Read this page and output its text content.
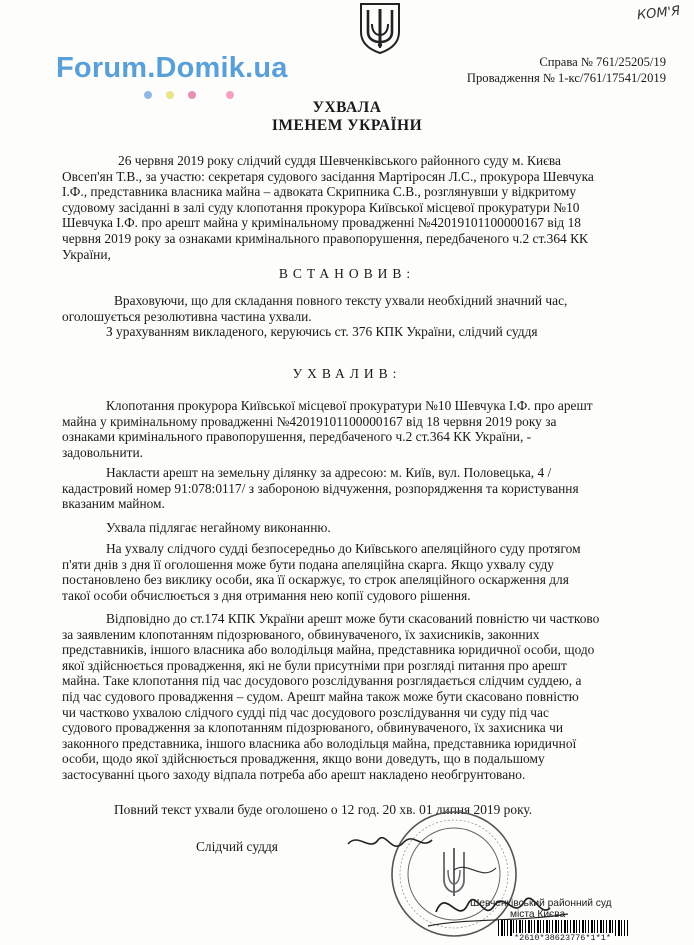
КОМ'Я
Forum.Domik.ua	Справа № 761/25205/19
Провадження № 1-кс/761/17541/2019
УХВАЛА
ІМЕНЕМ УКРАЇНИ

26 червня 2019 року слідчий суддя Шевченківського районного суду м. Києва

Овсеп'ян Т.В., за участю: секретаря судового засідання Мартіросян Л.С., прокурора Шевчука

І.Ф., представника власника майна – адвоката Скрипника С.В., розглянувши у відкритому

судовому засіданні в залі суду клопотання прокурора Київської місцевої прокуратури №10

Шевчука І.Ф. про арешт майна у кримінальному провадженні №42019101100000167 від 18

червня 2019 року за ознаками кримінального правопорушення, передбаченого ч.2 ст.364 КК

України,

ВСТАНОВИВ:

Враховуючи, що для складання повного тексту ухвали необхідний значний час,

оголошується резолютивна частина ухвали.

З урахуванням викладеного, керуючись ст. 376 КПК України, слідчий суддя

УХВАЛИВ:

Клопотання прокурора Київської місцевої прокуратури №10 Шевчука І.Ф. про арешт

майна у кримінальному провадженні №42019101100000167 від 18 червня 2019 року за

ознаками кримінального правопорушення, передбаченого ч.2 ст.364 КК України, -

задовольнити.

Накласти арешт на земельну ділянку за адресою: м. Київ, вул. Половецька, 4 /

кадастровий номер 91:078:0117/ з забороною відчуження, розпорядження та користування

вказаним майном.

Ухвала підлягає негайному виконанню.

На ухвалу слідчого судді безпосередньо до Київського апеляційного суду протягом

п'яти днів з дня її оголошення може бути подана апеляційна скарга. Якщо ухвалу суду

постановлено без виклику особи, яка її оскаржує, то строк апеляційного оскарження для

такої особи обчислюється з дня отримання нею копії судового рішення.

Відповідно до ст.174 КПК України арешт може бути скасований повністю чи частково

за заявленим клопотанням підозрюваного, обвинуваченого, їх захисників, законних

представників, іншого власника або володільця майна, представника юридичної особи, щодо

якої здійснюється провадження, які не були присутніми при розгляді питання про арешт

майна. Таке клопотання під час досудового розслідування розглядається слідчим суддею, а

під час судового провадження – судом. Арешт майна також може бути скасовано повністю

чи частково ухвалою слідчого судді під час досудового розслідування чи суду під час

судового провадження за клопотанням підозрюваного, обвинуваченого, їх захисника чи

законного представника, іншого власника або володільця майна, представника юридичної

особи, щодо якої здійснюється провадження, якщо вони доведуть, що в подальшому

застосуванні цього заходу відпала потреба або арешт накладено необгрунтовано.

Повний текст ухвали буде оголошено о 12 год. 20 хв. 01 липня 2019 року.

Слідчий суддя
Шевченківський районний суд
міста Києва
*2610*38623776*1*1*
